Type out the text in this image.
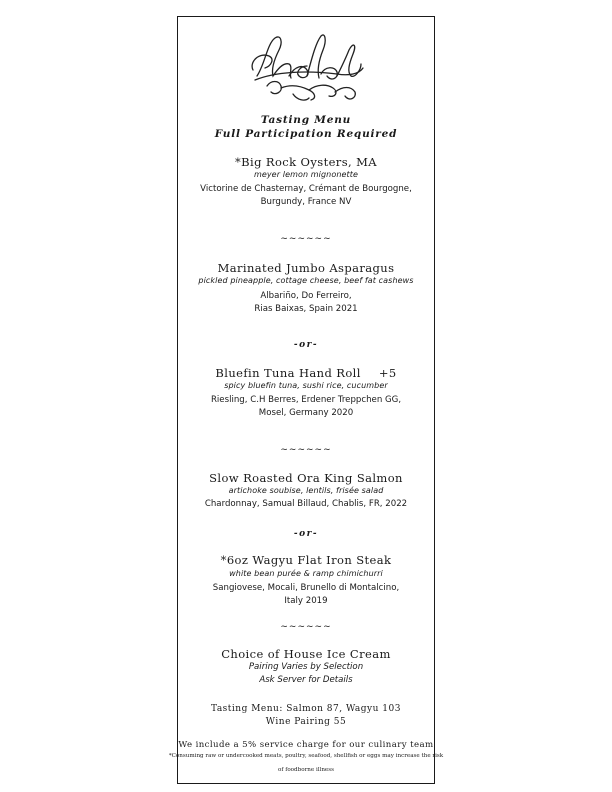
Tasting Menu
Full Participation Required
*Big Rock Oysters, MA
meyer lemon mignonette
Victorine de Chasternay, Crémant de Bourgogne,
Burgundy, France NV
~~~~~~
Marinated Jumbo Asparagus
pickled pineapple, cottage cheese, beef fat cashews
Albariño, Do Ferreiro,
Rias Baixas, Spain 2021
-or-
Bluefin Tuna Hand Roll +5
spicy bluefin tuna, sushi rice, cucumber
Riesling, C.H Berres, Erdener Treppchen GG,
Mosel, Germany 2020
~~~~~~
Slow Roasted Ora King Salmon
artichoke soubise, lentils, frisée salad
Chardonnay, Samual Billaud, Chablis, FR, 2022
-or-
*6oz Wagyu Flat Iron Steak
white bean purée & ramp chimichurri
Sangiovese, Mocali, Brunello di Montalcino,
Italy 2019
~~~~~~
Choice of House Ice Cream
Pairing Varies by Selection
Ask Server for Details
Tasting Menu: Salmon 87, Wagyu 103
Wine Pairing 55
We include a 5% service charge for our culinary team
*Consuming raw or undercooked meats, poultry, seafood, shellfish or eggs may increase the risk
of foodborne illness
